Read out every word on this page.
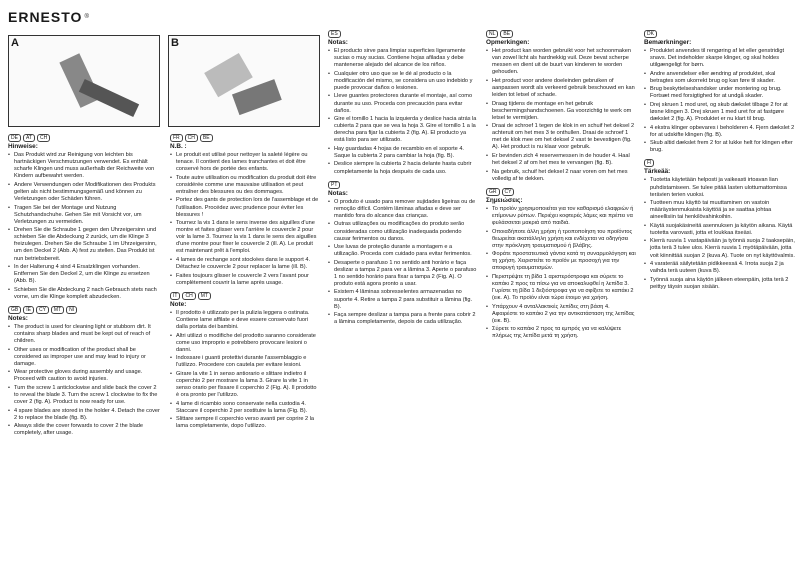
ERNESTO ®
A	B
DE	AT	CH
Hinweise:
• Das Produkt wird zur Reinigung von leichten bis hartnäckigen Verschmutzungen verwendet. Es enthält scharfe Klingen und muss außerhalb der Reichweite von Kindern aufbewahrt werden.
• Andere Verwendungen oder Modifikationen des Produkts gelten als nicht bestimmungsgemäß und können zu Verletzungen oder Schäden führen.
• Tragen Sie bei der Montage und Nutzung Schutzhandschuhe. Gehen Sie mit Vorsicht vor, um Verletzungen zu vermeiden.
• Drehen Sie die Schraube 1 gegen den Uhrzeigersinn und schieben Sie die Abdeckung 2 zurück, um die Klinge 3 freizulegen. Drehen Sie die Schraube 1 im Uhrzeigersinn, um den Deckel 2 (Abb. A) fest zu stellen. Das Produkt ist nun betriebsbereit.
• In der Halterung 4 sind 4 Ersatzklingen vorhanden. Entfernen Sie den Deckel 2, um die Klinge zu ersetzen (Abb. B).
• Schieben Sie die Abdeckung 2 nach Gebrauch stets nach vorne, um die Klinge komplett abzudecken.
GB	IE	CY	MT	NI
Notes:
• The product is used for cleaning light or stubborn dirt. It contains sharp blades and must be kept out of reach of children.
• Other uses or modification of the product shall be considered as improper use and may lead to injury or damage.
• Wear protective gloves during assembly and usage. Proceed with caution to avoid injuries.
• Turn the screw 1 anticlockwise and slide back the cover 2 to reveal the blade 3. Turn the screw 1 clockwise to fix the cover 2 (fig. A). Product is now ready for use.
• 4 spare blades are stored in the holder 4. Detach the cover 2 to replace the blade (fig. B).
• Always slide the cover forwards to cover 2 the blade completely, after usage.
FR	CH	BE
N.B. :
• Le produit est utilisé pour nettoyer la saleté légère ou tenace. Il contient des lames tranchantes et doit être conservé hors de portée des enfants.
• Toute autre utilisation ou modification du produit doit être considérée comme une mauvaise utilisation et peut entraîner des blessures ou des dommages.
• Portez des gants de protection lors de l'assemblage et de l'utilisation. Procédez avec prudence pour éviter les blessures !
• Tournez la vis 1 dans le sens inverse des aiguilles d'une montre et faites glisser vers l'arrière le couvercle 2 pour voir la lame 3. Tournez la vis 1 dans le sens des aiguilles d'une montre pour fixer le couvercle 2 (ill. A). Le produit est maintenant prêt à l'emploi.
• 4 lames de rechange sont stockées dans le support 4. Détachez le couvercle 2 pour replacer la lame (ill. B).
• Faites toujours glisser le couvercle 2 vers l'avant pour complètement couvrir la lame après usage.
IT	CH	MT
Note:
• Il prodotto è utilizzato per la pulizia leggera o ostinata. Contiene lame affilate e deve essere conservato fuori dalla portata dei bambini.
• Altri utilizzi o modifiche del prodotto saranno considerate come uso improprio e potrebbero provocare lesioni o danni.
• Indossare i guanti protettivi durante l'assemblaggio e l'utilizzo. Procedere con cautela per evitare lesioni.
• Girare la vite 1 in senso antiorario e slittare indietro il coperchio 2 per mostrare la lama 3. Girare la vite 1 in senso orario per fissare il coperchio 2 (Fig. A). Il prodotto è ora pronto per l'utilizzo.
• 4 lame di ricambio sono conservate nella custodia 4. Staccare il coperchio 2 per sostituire la lama (Fig. B).
• Slittare sempre il coperchio verso avanti per coprire 2 la lama completamente, dopo l'utilizzo.
ES
Notas:
• El producto sirve para limpiar superficies ligeramente sucias o muy sucias. Contiene hojas afiladas y debe mantenerse alejado del alcance de los niños.
• Cualquier otro uso que se le dé al producto o la modificación del mismo, se considera un uso indebido y puede provocar daños o lesiones.
• Lleve guantes protectores durante el montaje, así como durante su uso. Proceda con precaución para evitar daños.
• Gire el tornillo 1 hacia la izquierda y deslice hacia atrás la cubierta 2 para que se vea la hoja 3. Gire el tornillo 1 a la derecha para fijar la cubierta 2 (fig. A). El producto ya está listo para ser utilizado.
• Hay guardadas 4 hojas de recambio en el soporte 4. Saque la cubierta 2 para cambiar la hoja (fig. B).
• Deslice siempre la cubierta 2 hacia delante hasta cubrir completamente la hoja después de cada uso.
PT
Notas:
• O produto é usado para remover sujidades ligeiras ou de remoção difícil. Contém lâminas afiadas e deve ser mantido fora do alcance das crianças.
• Outras utilizações ou modificações do produto serão consideradas como utilização inadequada podendo causar ferimentos ou danos.
• Use luvas de proteção durante a montagem e a utilização. Proceda com cuidado para evitar ferimentos.
• Desaperte o parafuso 1 no sentido anti horário e faça deslizar a tampa 2 para ver a lâmina 3. Aperte o parafuso 1 no sentido horário para fixar a tampa 2 (Fig. A). O produto está agora pronto a usar.
• Existem 4 lâminas sobresselentes armazenadas no suporte 4. Retire a tampa 2 para substituir a lâmina (fig. B).
• Faça sempre deslizar a tampa para a frente para cobrir 2 a lâmina completamente, depois de cada utilização.
NL	BE
Opmerkingen:
• Het product kan worden gebruikt voor het schoonmaken van zowel licht als hardnekkig vuil. Deze bevat scherpe messen en dient uit de buurt van kinderen te worden gehouden.
• Het product voor andere doeleinden gebruiken of aanpassen wordt als verkeerd gebruik beschouwd en kan leiden tot letsel of schade.
• Draag tijdens de montage en het gebruik beschermingshandschoenen. Ga voorzichtig te werk om letsel te vermijden.
• Draai de schroef 1 tegen de klok in en schuif het deksel 2 achteruit om het mes 3 te onthullen. Draai de schroef 1 met de klok mee om het deksel 2 vast te bevestigen (fig. A). Het product is nu klaar voor gebruik.
• Er bevinden zich 4 reservemessen in de houder 4. Haal het deksel 2 af om het mes te vervangen (fig. B).
• Na gebruik, schuif het deksel 2 naar voren om het mes volledig af te dekken.
GR	CY
Σημειώσεις:
• Το προϊόν χρησιμοποιείται για τον καθαρισμό ελαφριών ή επίμονων ρύπων. Περιέχει κοφτερές λάμες και πρέπει να φυλάσσεται μακριά από παιδιά.
• Οποιαδήποτε άλλη χρήση ή τροποποίηση του προϊόντος θεωρείται ακατάλληλη χρήση και ενδέχεται να οδηγήσει στην πρόκληση τραυματισμού ή βλάβης.
• Φοράτε προστατευτικά γάντια κατά τη συναρμολόγηση και τη χρήση. Χειριστείτε το προϊόν με προσοχή για την αποφυγή τραυματισμών.
• Περιστρέψτε τη βίδα 1 αριστερόστροφα και σύρετε το καπάκι 2 προς τα πίσω για να αποκαλυφθεί η λεπίδα 3. Γυρίστε τη βίδα 1 δεξιόστροφα για να σφίξετε το καπάκι 2 (εικ. A). Το προϊόν είναι τώρα έτοιμο για χρήση.
• Υπάρχουν 4 ανταλλακτικές λεπίδες στη βάση 4. Αφαιρέστε το καπάκι 2 για την αντικατάσταση της λεπίδας (εικ. B).
• Σύρετε το καπάκι 2 προς τα εμπρός για να καλύψετε πλήρως της λεπίδα μετά τη χρήση.
DK
Bemærkninger:
• Produktet anvendes til rengøring af let eller genstridigt snavs. Det indeholder skarpe klinger, og skal holdes utilgængeligt for børn.
• Andre anvendelser eller ændring af produktet, skal betragtes som ukorrekt brug og kan føre til skader.
• Brug beskyttelseshandsker under montering og brug. Fortsæt med forsigtighed for at undgå skader.
• Drej skruen 1 mod uret, og skub dækslet tilbage 2 for at løsne klingen 3. Drej skruen 1 med uret for at fastgøre dækslet 2 (fig. A). Produktet er nu klart til brug.
• 4 ekstra klinger opbevares i beholderen 4. Fjern dækslet 2 for at udskifte klingen (fig. B).
• Skub altid dækslet frem 2 for at lukke helt for klingen efter brug.
FI
Tärkeää:
• Tuotetta käytetään helposti ja vaikeasti irtoavan lian puhdistamiseen. Se tulee pitää lasten ulottumattomissa terävien terien vuoksi.
• Tuotteen muu käyttö tai muuttaminen on vastoin määräystenmukaista käyttöä ja se saattaa johtaa aineellisiin tai henkilövahinkoihin.
• Käytä suojakäsineitä asennuksen ja käytön aikana. Käytä tuotetta varovasti, jotta et loukkaa itseäsi.
• Kierrä ruuvia 1 vastapäivään ja työnnä suoja 2 taaksepäin, jotta terä 3 tulee ulos. Kierrä ruuvia 1 myötäpäivään, jotta voit kiinnittää suojan 2 (kuva A). Tuote on nyt käyttövalmis.
• 4 varaterää säilytetään pidikkeessä 4. Irrota suoja 2 ja vaihda terä uuteen (kuva B).
• Työnnä suoja aina käytön jälkeen eteenpäin, jotta terä 2 peittyy täysin suojan sisään.
